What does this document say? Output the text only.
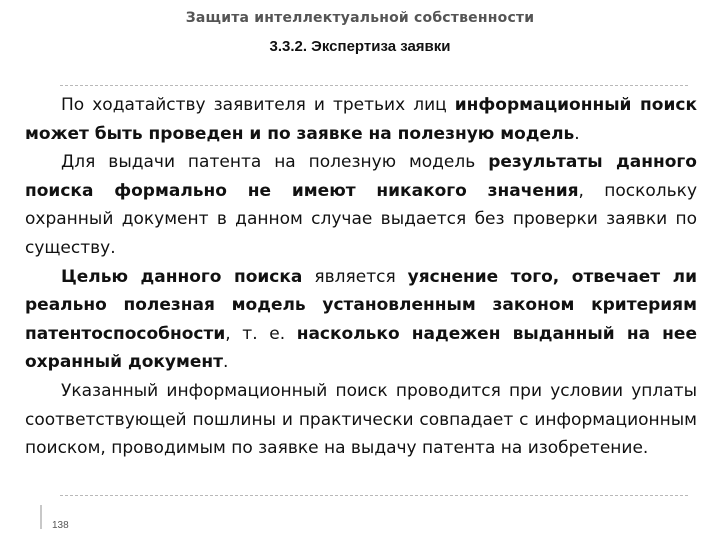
Защита интеллектуальной собственности
3.3.2. Экспертиза заявки

По ходатайству заявителя и третьих лиц информационный поиск может быть проведен и по заявке на полезную модель.

Для выдачи патента на полезную модель результаты данного поиска формально не имеют никакого значения, поскольку охранный документ в данном случае выдается без проверки заявки по существу.

Целью данного поиска является уяснение того, отвечает ли реально полезная модель установленным законом критериям патентоспособности, т. е. насколько надежен выданный на нее охранный документ.

Указанный информационный поиск проводится при условии уплаты соответствующей пошлины и практически совпадает с информационным поиском, проводимым по заявке на выдачу патента на изобретение.

138
